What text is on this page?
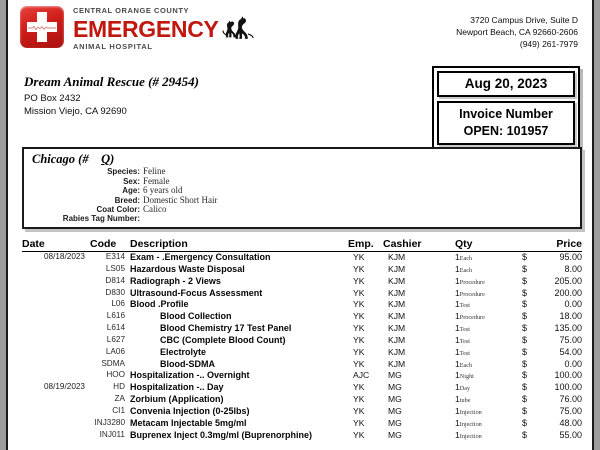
CENTRAL ORANGE COUNTY
EMERGENCY
ANIMAL HOSPITAL
3720 Campus Drive, Suite D
Newport Beach, CA 92660-2606
(949) 261-7979
Dream Animal Rescue (# 29454)
PO Box 2432
Mission Viejo, CA 92690
Aug 20, 2023
Invoice Number
OPEN: 101957
Chicago (# Q)
Species: Feline
Sex: Female
Age: 6 years old
Breed: Domestic Short Hair
Coat Color: Calico
Rabies Tag Number:
Date	Code Description	Emp. Cashier	Qty	Price
08/18/2023	E314 Exam - .Emergency Consultation	YK	KJM	1Each	$	95.00
LS05 Hazardous Waste Disposal	YK	KJM	1Each	$	8.00
D814 Radiograph - 2 Views	YK	KJM	1Procedure	$	205.00
D830 Ultrasound-Focus Assessment	YK	KJM	1Procedure	$	200.00
L06 Blood .Profile	YK	KJM	1Test	$	0.00
L616	Blood Collection	YK	KJM	1Procedure	$	18.00
L614	Blood Chemistry 17 Test Panel	YK	KJM	1Test	$	135.00
L627	CBC (Complete Blood Count)	YK	KJM	1Test	$	75.00
LA06	Electrolyte	YK	KJM	1Test	$	54.00
SDMA	Blood-SDMA	YK	KJM	1Each	$	0.00
HOO Hospitalization -.. Overnight	AJC MG	1Night	$	100.00
08/19/2023	HD Hospitalization -.. Day	YK	MG	1Day	$	100.00
ZA Zorbium (Application)	YK	MG	1tube	$	76.00
CI1 Convenia Injection (0-25lbs)	YK	MG	1Injection	$	75.00
INJ3280 Metacam Injectable 5mg/ml	YK	MG	1Injection	$	48.00
INJ011 Buprenex Inject 0.3mg/ml (Buprenorphine)	YK	MG	1Injection	$	55.00
